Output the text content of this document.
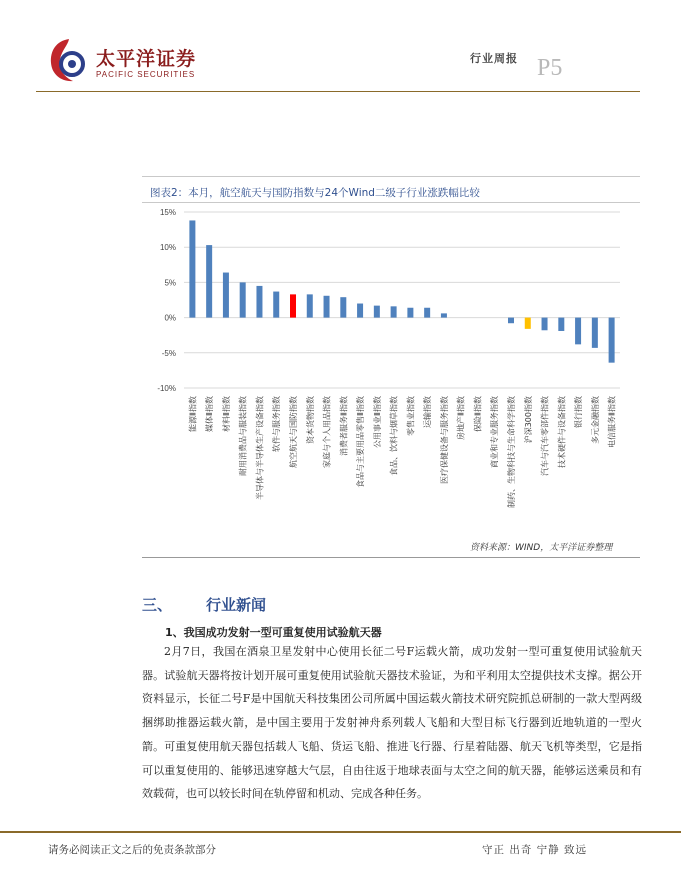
太平洋证券
PACIFIC SECURITIES
行业周报 P5
图表2：本月，航空航天与国防指数与24个Wind二级子行业涨跌幅比较
15%
10%
5%
0%
-5%
-10%
能源Ⅱ指数 媒体Ⅱ指数 材料Ⅱ指数 耐用消费品与服装指数 半导体与半导体生产设备指数 软件与服务指数 航空航天与国防指数 资本货物指数 家庭与个人用品指数 消费者服务Ⅱ指数 食品与主要用品零售Ⅱ指数 公用事业Ⅱ指数 食品、饮料与烟草指数 零售业指数 运输指数 医疗保健设备与服务指数 房地产Ⅱ指数 保险Ⅱ指数 商业和专业服务指数 制药、生物科技与生命科学指数 沪深300指数 汽车与汽车零部件指数 技术硬件与设备指数 银行指数 多元金融指数 电信服务Ⅱ指数
资料来源：WIND，太平洋证券整理
三、 行业新闻
1、我国成功发射一型可重复使用试验航天器
2月7日，我国在酒泉卫星发射中心使用长征二号F运载火箭，成功发射一型可重复使用试验航天器。试验航天器将按计划开展可重复使用试验航天器技术验证，为和平利用太空提供技术支撑。据公开资料显示，长征二号F是中国航天科技集团公司所属中国运载火箭技术研究院抓总研制的一款大型两级捆绑助推器运载火箭，是中国主要用于发射神舟系列载人飞船和大型目标飞行器到近地轨道的一型火箭。可重复使用航天器包括载人飞船、货运飞船、推进飞行器、行星着陆器、航天飞机等类型，它是指可以重复使用的、能够迅速穿越大气层，自由往返于地球表面与太空之间的航天器，能够运送乘员和有效载荷，也可以较长时间在轨停留和机动、完成各种任务。
请务必阅读正文之后的免责条款部分	守正 出奇 宁静 致远
